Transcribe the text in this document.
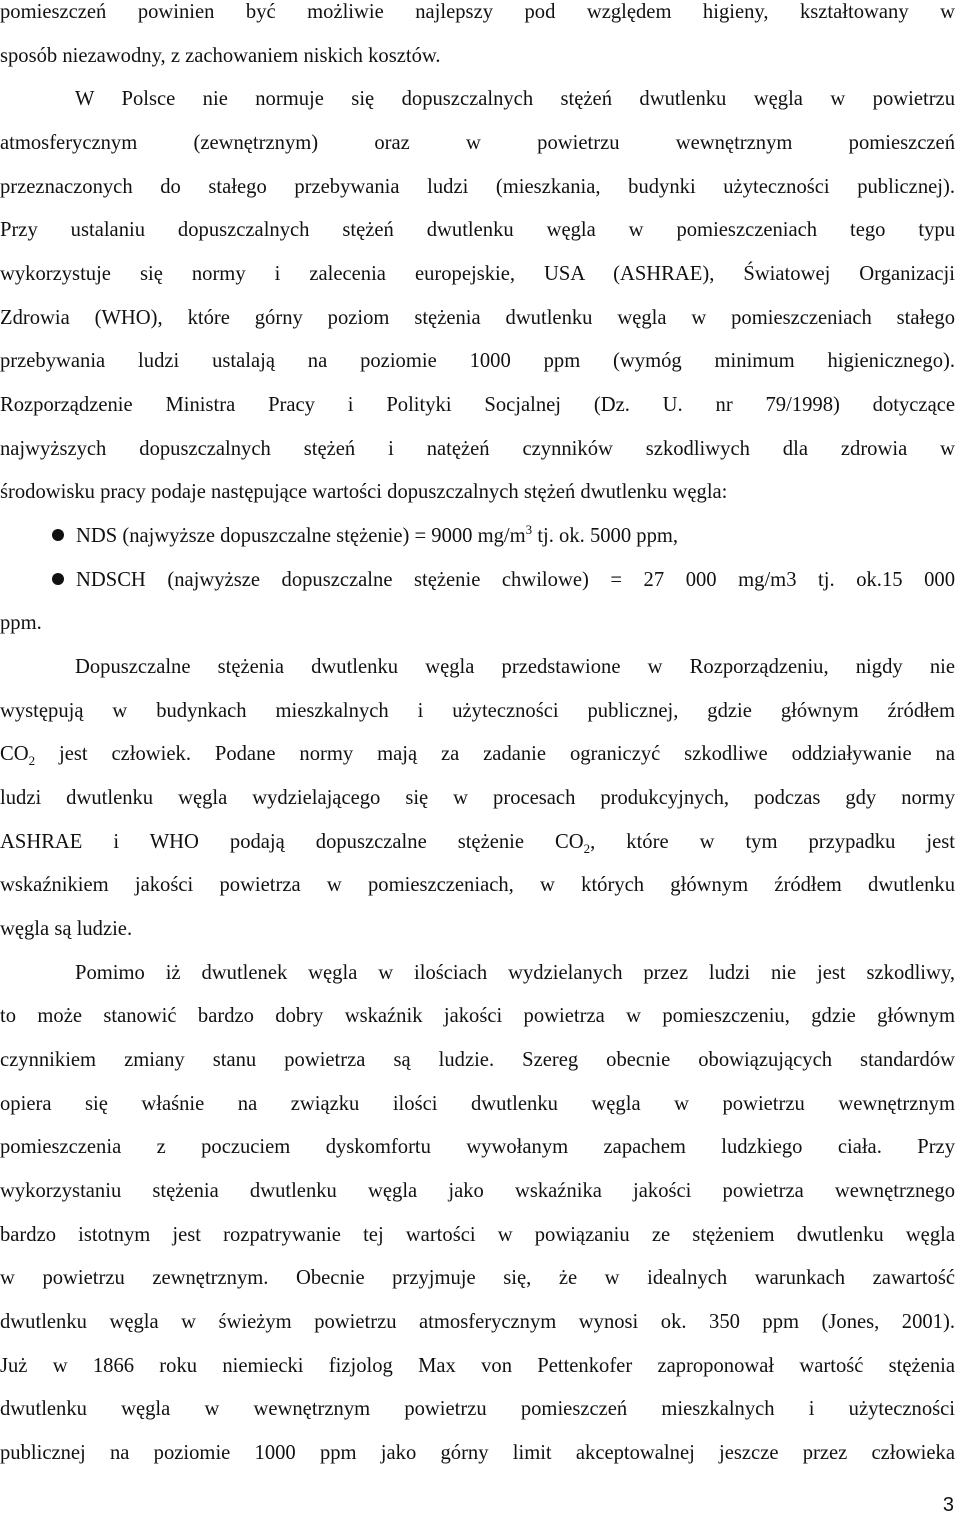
pomieszczeń powinien być możliwie najlepszy pod względem higieny, kształtowany w
sposób niezawodny, z zachowaniem niskich kosztów.
W Polsce nie normuje się dopuszczalnych stężeń dwutlenku węgla w powietrzu
atmosferycznym (zewnętrznym) oraz w powietrzu wewnętrznym pomieszczeń
przeznaczonych do stałego przebywania ludzi (mieszkania, budynki użyteczności publicznej).
Przy ustalaniu dopuszczalnych stężeń dwutlenku węgla w pomieszczeniach tego typu
wykorzystuje się normy i zalecenia europejskie, USA (ASHRAE), Światowej Organizacji
Zdrowia (WHO), które górny poziom stężenia dwutlenku węgla w pomieszczeniach stałego
przebywania ludzi ustalają na poziomie 1000 ppm (wymóg minimum higienicznego).
Rozporządzenie Ministra Pracy i Polityki Socjalnej (Dz. U. nr 79/1998) dotyczące
najwyższych dopuszczalnych stężeń i natężeń czynników szkodliwych dla zdrowia w
środowisku pracy podaje następujące wartości dopuszczalnych stężeń dwutlenku węgla:
NDS (najwyższe dopuszczalne stężenie) = 9000 $mg/m^3$ tj. ok. 5000 ppm,
NDSCH (najwyższe dopuszczalne stężenie chwilowe) = 27 000 mg/m3 tj. ok.15 000
ppm.
Dopuszczalne stężenia dwutlenku węgla przedstawione w Rozporządzeniu, nigdy nie
występują w budynkach mieszkalnych i użyteczności publicznej, gdzie głównym źródłem
$CO_2$ jest człowiek. Podane normy mają za zadanie ograniczyć szkodliwe oddziaływanie na
ludzi dwutlenku węgla wydzielającego się w procesach produkcyjnych, podczas gdy normy
ASHRAE i WHO podają dopuszczalne stężenie $CO_2$, które w tym przypadku jest
wskaźnikiem jakości powietrza w pomieszczeniach, w których głównym źródłem dwutlenku
węgla są ludzie.
Pomimo iż dwutlenek węgla w ilościach wydzielanych przez ludzi nie jest szkodliwy,
to może stanowić bardzo dobry wskaźnik jakości powietrza w pomieszczeniu, gdzie głównym
czynnikiem zmiany stanu powietrza są ludzie. Szereg obecnie obowiązujących standardów
opiera się właśnie na związku ilości dwutlenku węgla w powietrzu wewnętrznym
pomieszczenia z poczuciem dyskomfortu wywołanym zapachem ludzkiego ciała. Przy
wykorzystaniu stężenia dwutlenku węgla jako wskaźnika jakości powietrza wewnętrznego
bardzo istotnym jest rozpatrywanie tej wartości w powiązaniu ze stężeniem dwutlenku węgla
w powietrzu zewnętrznym. Obecnie przyjmuje się, że w idealnych warunkach zawartość
dwutlenku węgla w świeżym powietrzu atmosferycznym wynosi ok. 350 ppm (Jones, 2001).
Już w 1866 roku niemiecki fizjolog Max von Pettenkofer zaproponował wartość stężenia
dwutlenku węgla w wewnętrznym powietrzu pomieszczeń mieszkalnych i użyteczności
publicznej na poziomie 1000 ppm jako górny limit akceptowalnej jeszcze przez człowieka
3
